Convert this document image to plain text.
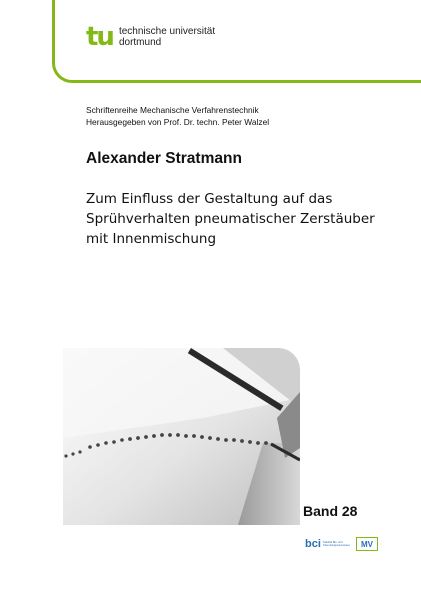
tu technische universität
dortmund
Schriftenreihe Mechanische Verfahrenstechnik
Herausgegeben von Prof. Dr. techn. Peter Walzel
Alexander Stratmann
Zum Einfluss der Gestaltung auf das
Sprühverhalten pneumatischer Zerstäuber
mit Innenmischung
Band 28
bci Fakultät Bio- und
Chemieingenieurwesen	MV
